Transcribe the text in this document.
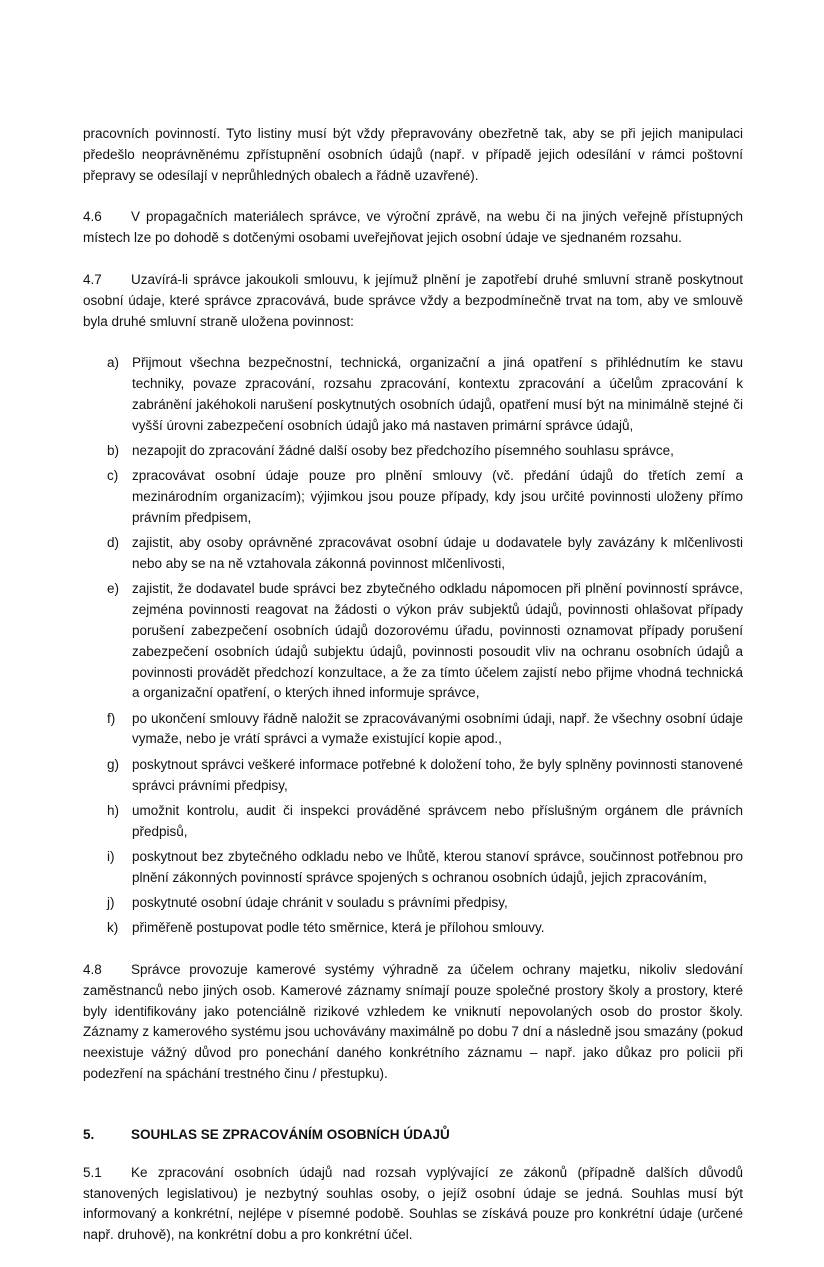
pracovních povinností. Tyto listiny musí být vždy přepravovány obezřetně tak, aby se při jejich manipulaci předešlo neoprávněnému zpřístupnění osobních údajů (např. v případě jejich odesílání v rámci poštovní přepravy se odesílají v neprůhledných obalech a řádně uzavřené).

4.6 V propagačních materiálech správce, ve výroční zprávě, na webu či na jiných veřejně přístupných místech lze po dohodě s dotčenými osobami uveřejňovat jejich osobní údaje ve sjednaném rozsahu.

4.7 Uzavírá-li správce jakoukoli smlouvu, k jejímuž plnění je zapotřebí druhé smluvní straně poskytnout osobní údaje, které správce zpracovává, bude správce vždy a bezpodmínečně trvat na tom, aby ve smlouvě byla druhé smluvní straně uložena povinnost:

a) Přijmout všechna bezpečnostní, technická, organizační a jiná opatření s přihlédnutím ke stavu techniky, povaze zpracování, rozsahu zpracování, kontextu zpracování a účelům zpracování k zabránění jakéhokoli narušení poskytnutých osobních údajů, opatření musí být na minimálně stejné či vyšší úrovni zabezpečení osobních údajů jako má nastaven primární správce údajů,
b) nezapojit do zpracování žádné další osoby bez předchozího písemného souhlasu správce,
c) zpracovávat osobní údaje pouze pro plnění smlouvy (vč. předání údajů do třetích zemí a mezinárodním organizacím); výjimkou jsou pouze případy, kdy jsou určité povinnosti uloženy přímo právním předpisem,
d) zajistit, aby osoby oprávněné zpracovávat osobní údaje u dodavatele byly zavázány k mlčenlivosti nebo aby se na ně vztahovala zákonná povinnost mlčenlivosti,
e) zajistit, že dodavatel bude správci bez zbytečného odkladu nápomocen při plnění povinností správce, zejména povinnosti reagovat na žádosti o výkon práv subjektů údajů, povinnosti ohlašovat případy porušení zabezpečení osobních údajů dozorovému úřadu, povinnosti oznamovat případy porušení zabezpečení osobních údajů subjektu údajů, povinnosti posoudit vliv na ochranu osobních údajů a povinnosti provádět předchozí konzultace, a že za tímto účelem zajistí nebo přijme vhodná technická a organizační opatření, o kterých ihned informuje správce,
f) po ukončení smlouvy řádně naložit se zpracovávanými osobními údaji, např. že všechny osobní údaje vymaže, nebo je vrátí správci a vymaže existující kopie apod.,
g) poskytnout správci veškeré informace potřebné k doložení toho, že byly splněny povinnosti stanovené správci právními předpisy,
h) umožnit kontrolu, audit či inspekci prováděné správcem nebo příslušným orgánem dle právních předpisů,
i) poskytnout bez zbytečného odkladu nebo ve lhůtě, kterou stanoví správce, součinnost potřebnou pro plnění zákonných povinností správce spojených s ochranou osobních údajů, jejich zpracováním,
j) poskytnuté osobní údaje chránit v souladu s právními předpisy,
k) přiměřeně postupovat podle této směrnice, která je přílohou smlouvy.

4.8 Správce provozuje kamerové systémy výhradně za účelem ochrany majetku, nikoliv sledování zaměstnanců nebo jiných osob. Kamerové záznamy snímají pouze společné prostory školy a prostory, které byly identifikovány jako potenciálně rizikové vzhledem ke vniknutí nepovolaných osob do prostor školy. Záznamy z kamerového systému jsou uchovávány maximálně po dobu 7 dní a následně jsou smazány (pokud neexistuje vážný důvod pro ponechání daného konkrétního záznamu – např. jako důkaz pro policii při podezření na spáchání trestného činu / přestupku).

5.	SOUHLAS SE ZPRACOVÁNÍM OSOBNÍCH ÚDAJŮ

5.1 Ke zpracování osobních údajů nad rozsah vyplývající ze zákonů (případně dalších důvodů stanovených legislativou) je nezbytný souhlas osoby, o jejíž osobní údaje se jedná. Souhlas musí být informovaný a konkrétní, nejlépe v písemné podobě. Souhlas se získává pouze pro konkrétní údaje (určené např. druhově), na konkrétní dobu a pro konkrétní účel.
